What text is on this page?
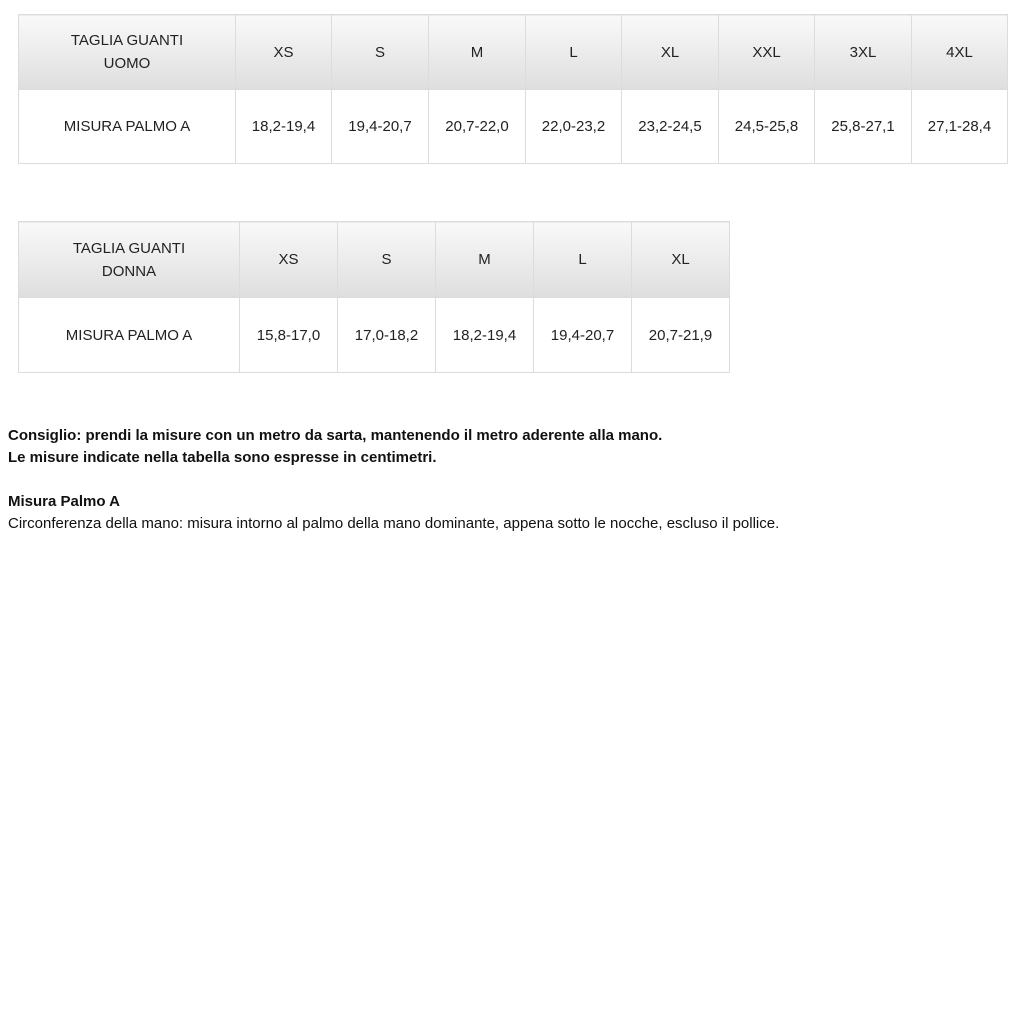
TAGLIA GUANTI UOMO	XS	S	M	L	XL	XXL	3XL	4XL
MISURA PALMO A	18,2-19,4	19,4-20,7	20,7-22,0	22,0-23,2	23,2-24,5	24,5-25,8	25,8-27,1	27,1-28,4
TAGLIA GUANTI DONNA	XS	S	M	L	XL
MISURA PALMO A	15,8-17,0	17,0-18,2	18,2-19,4	19,4-20,7	20,7-21,9

Consiglio: prendi la misure con un metro da sarta, mantenendo il metro aderente alla mano.

Le misure indicate nella tabella sono espresse in centimetri.

Misura Palmo A

Circonferenza della mano: misura intorno al palmo della mano dominante, appena sotto le nocche, escluso il pollice.
